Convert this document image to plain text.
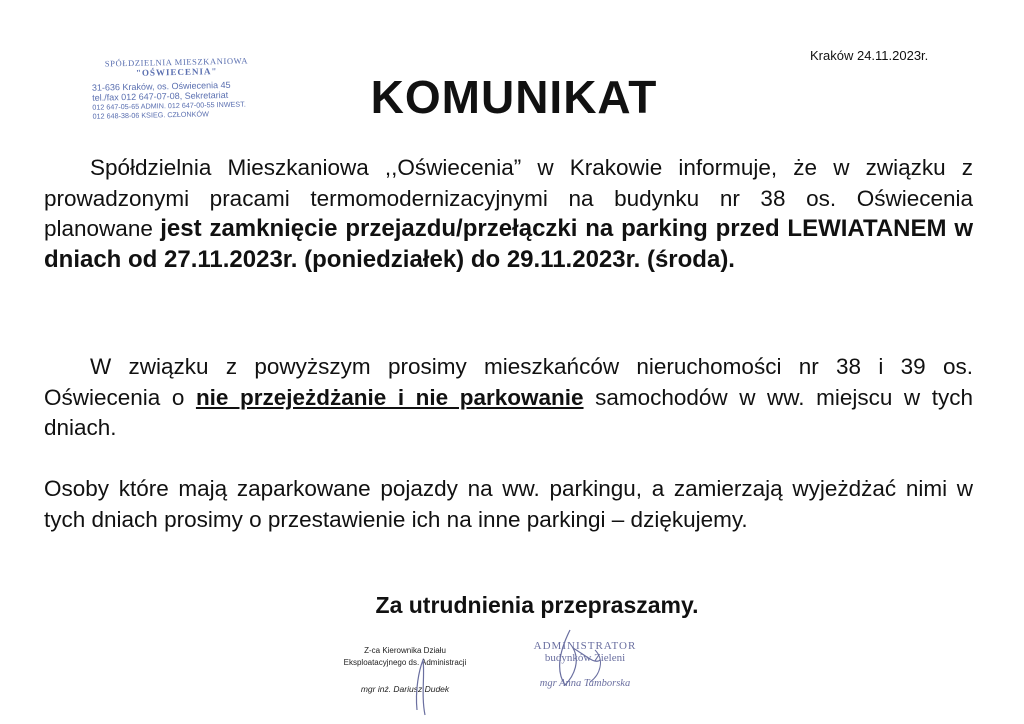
SPÓŁDZIELNIA MIESZKANIOWA
"OŚWIECENIA"
31-636 Kraków, os. Oświecenia 45
tel./fax 012 647-07-08, Sekretariat
012 647-05-65 ADMIN. 012 647-00-55 INWEST.
012 648-38-06 KSIEG. CZŁONKÓW
Kraków 24.11.2023r.
KOMUNIKAT
Spółdzielnia Mieszkaniowa ,,Oświecenia” w Krakowie informuje, że w związku z prowadzonymi pracami termomodernizacyjnymi na budynku nr 38 os. Oświecenia planowane jest zamknięcie przejazdu/przełączki na parking przed LEWIATANEM w dniach od 27.11.2023r. (poniedziałek) do 29.11.2023r. (środa).
W związku z powyższym prosimy mieszkańców nieruchomości nr 38 i 39 os. Oświecenia o nie przejeżdżanie i nie parkowanie samochodów w ww. miejscu w tych dniach.
Osoby które mają zaparkowane pojazdy na ww. parkingu, a zamierzają wyjeżdżać nimi w tych dniach prosimy o przestawienie ich na inne parkingi – dziękujemy.
Za utrudnienia przepraszamy.
Z-ca Kierownika Działu
Eksploatacyjnego ds. Administracji
mgr inż. Dariusz Dudek
ADMINISTRATOR
budynków Zieleni
mgr Anna Tamborska
